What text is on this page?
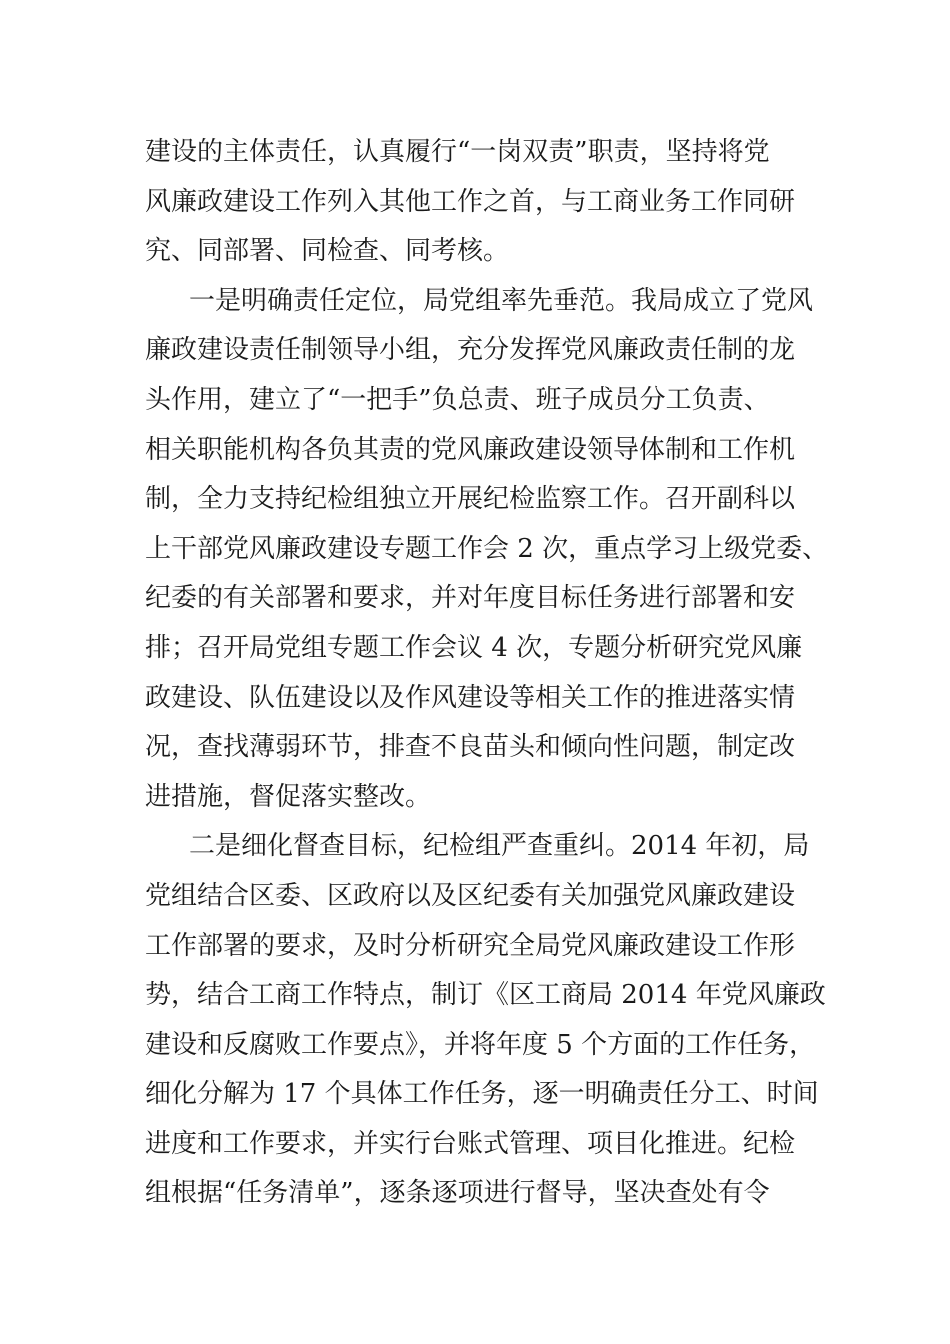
建设的主体责任，认真履行“一岗双责”职责，坚持将党
风廉政建设工作列入其他工作之首，与工商业务工作同研
究、同部署、同检查、同考核。
一是明确责任定位，局党组率先垂范。我局成立了党风
廉政建设责任制领导小组，充分发挥党风廉政责任制的龙
头作用，建立了“一把手”负总责、班子成员分工负责、
相关职能机构各负其责的党风廉政建设领导体制和工作机
制，全力支持纪检组独立开展纪检监察工作。召开副科以
上干部党风廉政建设专题工作会 2 次，重点学习上级党委、
纪委的有关部署和要求，并对年度目标任务进行部署和安
排；召开局党组专题工作会议 4 次，专题分析研究党风廉
政建设、队伍建设以及作风建设等相关工作的推进落实情
况，查找薄弱环节，排查不良苗头和倾向性问题，制定改
进措施，督促落实整改。
二是细化督查目标，纪检组严查重纠。2014 年初，局
党组结合区委、区政府以及区纪委有关加强党风廉政建设
工作部署的要求，及时分析研究全局党风廉政建设工作形
势，结合工商工作特点，制订《区工商局 2014 年党风廉政
建设和反腐败工作要点》，并将年度 5 个方面的工作任务，
细化分解为 17 个具体工作任务，逐一明确责任分工、时间
进度和工作要求，并实行台账式管理、项目化推进。纪检
组根据“任务清单”，逐条逐项进行督导，坚决查处有令
